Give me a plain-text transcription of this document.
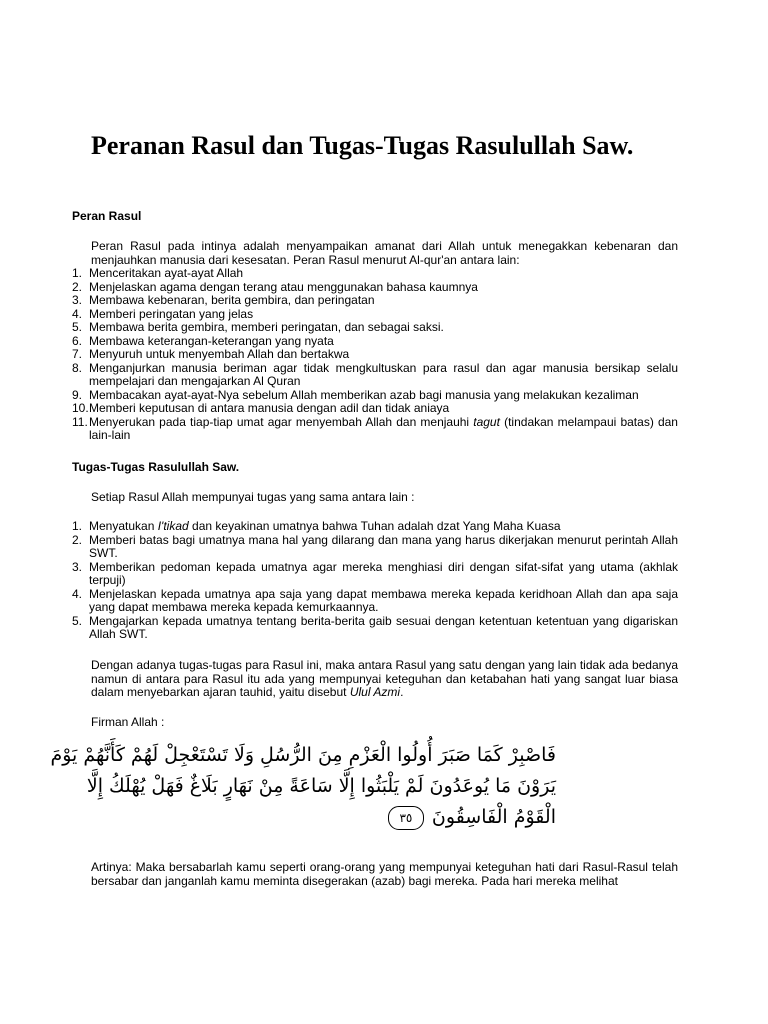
Peranan Rasul dan Tugas-Tugas Rasulullah Saw.
Peran Rasul

Peran Rasul pada intinya adalah menyampaikan amanat dari Allah untuk menegakkan kebenaran dan menjauhkan manusia dari kesesatan. Peran Rasul menurut Al-qur'an antara lain:

1. Menceritakan ayat-ayat Allah
2. Menjelaskan agama dengan terang atau menggunakan bahasa kaumnya
3. Membawa kebenaran, berita gembira, dan peringatan
4. Memberi peringatan yang jelas
5. Membawa berita gembira, memberi peringatan, dan sebagai saksi.
6. Membawa keterangan-keterangan yang nyata
7. Menyuruh untuk menyembah Allah dan bertakwa
8. Menganjurkan manusia beriman agar tidak mengkultuskan para rasul dan agar manusia bersikap selalu mempelajari dan mengajarkan Al Quran
9. Membacakan ayat-ayat-Nya sebelum Allah memberikan azab bagi manusia yang melakukan kezaliman
10. Memberi keputusan di antara manusia dengan adil dan tidak aniaya
11. Menyerukan pada tiap-tiap umat agar menyembah Allah dan menjauhi tagut (tindakan melampaui batas) dan lain-lain
Tugas-Tugas Rasulullah Saw.

Setiap Rasul Allah mempunyai tugas yang sama antara lain :

1. Menyatukan I'tikad dan keyakinan umatnya bahwa Tuhan adalah dzat Yang Maha Kuasa
2. Memberi batas bagi umatnya mana hal yang dilarang dan mana yang harus dikerjakan menurut perintah Allah SWT.
3. Memberikan pedoman kepada umatnya agar mereka menghiasi diri dengan sifat-sifat yang utama (akhlak terpuji)
4. Menjelaskan kepada umatnya apa saja yang dapat membawa mereka kepada keridhoan Allah dan apa saja yang dapat membawa mereka kepada kemurkaannya.
5. Mengajarkan kepada umatnya tentang berita-berita gaib sesuai dengan ketentuan ketentuan yang digariskan Allah SWT.

Dengan adanya tugas-tugas para Rasul ini, maka antara Rasul yang satu dengan yang lain tidak ada bedanya namun di antara para Rasul itu ada yang mempunyai keteguhan dan ketabahan hati yang sangat luar biasa dalam menyebarkan ajaran tauhid, yaitu disebut Ulul Azmi.

Firman Allah :

Artinya: Maka bersabarlah kamu seperti orang-orang yang mempunyai keteguhan hati dari Rasul-Rasul telah bersabar dan janganlah kamu meminta disegerakan (azab) bagi mereka. Pada hari mereka melihat

فَاصْبِرْ كَمَا صَبَرَ أُولُوا الْعَزْمِ مِنَ الرُّسُلِ وَلَا تَسْتَعْجِلْ لَهُمْ كَأَنَّهُمْ يَوْمَ
يَرَوْنَ مَا يُوعَدُونَ لَمْ يَلْبَثُوا إِلَّا سَاعَةً مِنْ نَهَارٍ بَلَاغٌ فَهَلْ يُهْلَكُ إِلَّا
الْقَوْمُ الْفَاسِقُونَ
٣٥
